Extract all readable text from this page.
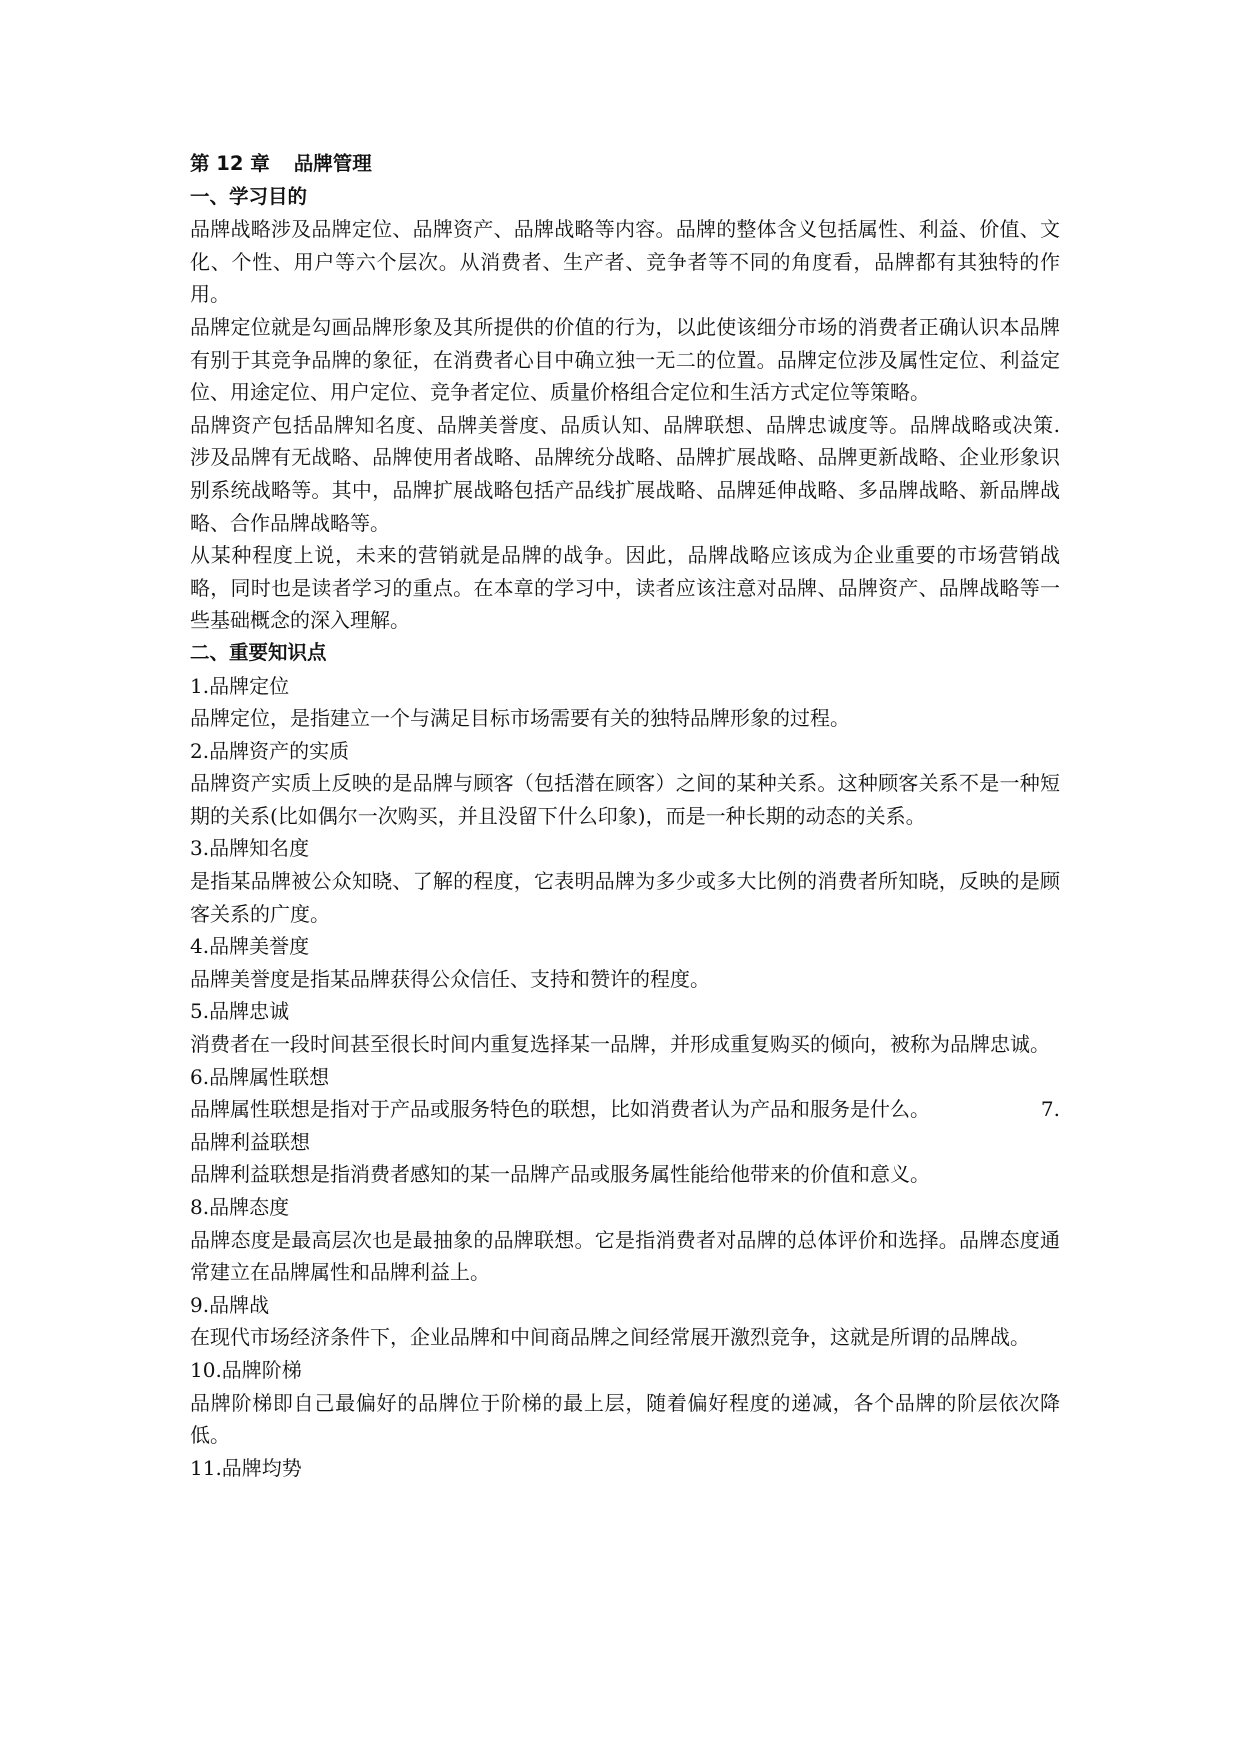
第 12 章 品牌管理
一、学习目的

品牌战略涉及品牌定位、品牌资产、品牌战略等内容。品牌的整体含义包括属性、利益、价值、文化、个性、用户等六个层次。从消费者、生产者、竞争者等不同的角度看，品牌都有其独特的作用。

品牌定位就是勾画品牌形象及其所提供的价值的行为，以此使该细分市场的消费者正确认识本品牌有别于其竞争品牌的象征，在消费者心目中确立独一无二的位置。品牌定位涉及属性定位、利益定位、用途定位、用户定位、竞争者定位、质量价格组合定位和生活方式定位等策略。

品牌资产包括品牌知名度、品牌美誉度、品质认知、品牌联想、品牌忠诚度等。品牌战略或决策. 涉及品牌有无战略、品牌使用者战略、品牌统分战略、品牌扩展战略、品牌更新战略、企业形象识别系统战略等。其中，品牌扩展战略包括产品线扩展战略、品牌延伸战略、多品牌战略、新品牌战略、合作品牌战略等。

从某种程度上说，未来的营销就是品牌的战争。因此，品牌战略应该成为企业重要的市场营销战略，同时也是读者学习的重点。在本章的学习中，读者应该注意对品牌、品牌资产、品牌战略等一些基础概念的深入理解。

二、重要知识点
1.品牌定位

品牌定位，是指建立一个与满足目标市场需要有关的独特品牌形象的过程。

2.品牌资产的实质

品牌资产实质上反映的是品牌与顾客（包括潜在顾客）之间的某种关系。这种顾客关系不是一种短期的关系(比如偶尔一次购买，并且没留下什么印象)，而是一种长期的动态的关系。

3.品牌知名度

是指某品牌被公众知晓、了解的程度，它表明品牌为多少或多大比例的消费者所知晓，反映的是顾客关系的广度。

4.品牌美誉度

品牌美誉度是指某品牌获得公众信任、支持和赞许的程度。

5.品牌忠诚

消费者在一段时间甚至很长时间内重复选择某一品牌，并形成重复购买的倾向，被称为品牌忠诚。

6.品牌属性联想

品牌属性联想是指对于产品或服务特色的联想，比如消费者认为产品和服务是什么。	7.

品牌利益联想

品牌利益联想是指消费者感知的某一品牌产品或服务属性能给他带来的价值和意义。

8.品牌态度

品牌态度是最高层次也是最抽象的品牌联想。它是指消费者对品牌的总体评价和选择。品牌态度通常建立在品牌属性和品牌利益上。

9.品牌战

在现代市场经济条件下，企业品牌和中间商品牌之间经常展开激烈竞争，这就是所谓的品牌战。

10.品牌阶梯

品牌阶梯即自己最偏好的品牌位于阶梯的最上层，随着偏好程度的递减，各个品牌的阶层依次降低。

11.品牌均势
